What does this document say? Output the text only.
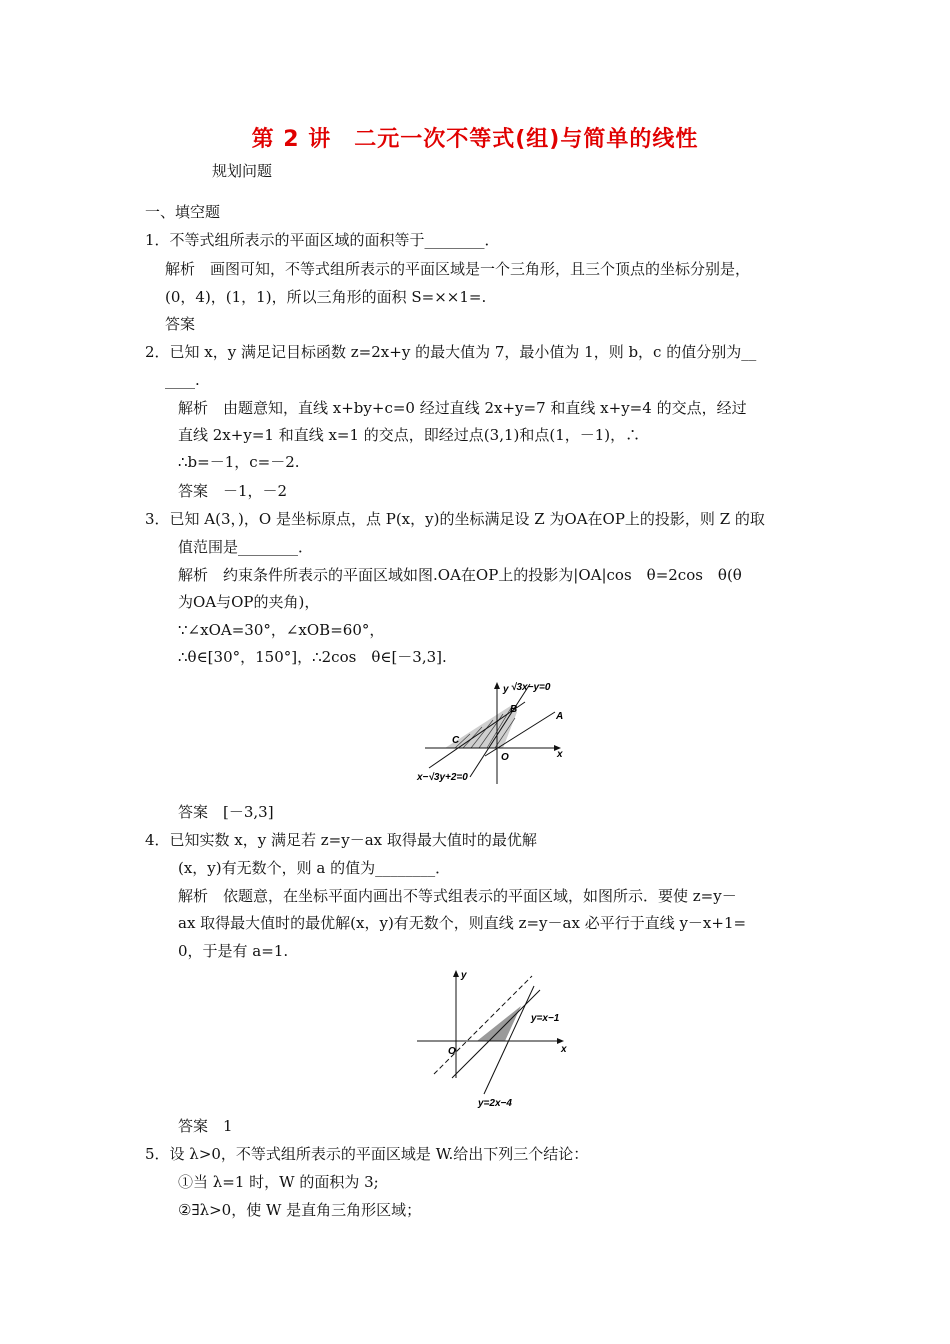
第 2 讲　二元一次不等式(组)与简单的线性
规划问题
一、填空题
1．不等式组所表示的平面区域的面积等于________．
解析　画图可知，不等式组所表示的平面区域是一个三角形，且三个顶点的坐标分别是，
(0，4)，(1，1)，所以三角形的面积 S=××1=.
答案
2．已知 x，y 满足记目标函数 z=2x+y 的最大值为 7，最小值为 1，则 b，c 的值分别为__
____.
解析　由题意知，直线 x+by+c=0 经过直线 2x+y=7 和直线 x+y=4 的交点，经过
直线 2x+y=1 和直线 x=1 的交点，即经过点(3,1)和点(1，－1)，∴
∴b=－1，c=－2.
答案　－1，－2
3．已知 A(3，)，O 是坐标原点，点 P(x，y)的坐标满足设 Z 为OA在OP上的投影，则 Z 的取
值范围是________．
解析　约束条件所表示的平面区域如图.OA在OP上的投影为|OA|cos　θ=2cos　θ(θ
为OA与OP的夹角)，
∵∠xOA=30°，∠xOB=60°，
∴θ∈[30°，150°]，∴2cos　θ∈[－3,3].
y √3x−y=0
B
A
C
O	x
x−√3y+2=0
答案　[－3,3]
4．已知实数 x，y 满足若 z=y－ax 取得最大值时的最优解
(x，y)有无数个，则 a 的值为________．
解析　依题意，在坐标平面内画出不等式组表示的平面区域，如图所示．要使 z=y－
ax 取得最大值时的最优解(x，y)有无数个，则直线 z=y－ax 必平行于直线 y－x+1=
0，于是有 a=1.
y
y=x−1
O	x
y=2x−4
答案　1
5．设 λ>0，不等式组所表示的平面区域是 W.给出下列三个结论：
①当 λ=1 时，W 的面积为 3;
②∃λ>0，使 W 是直角三角形区域；
